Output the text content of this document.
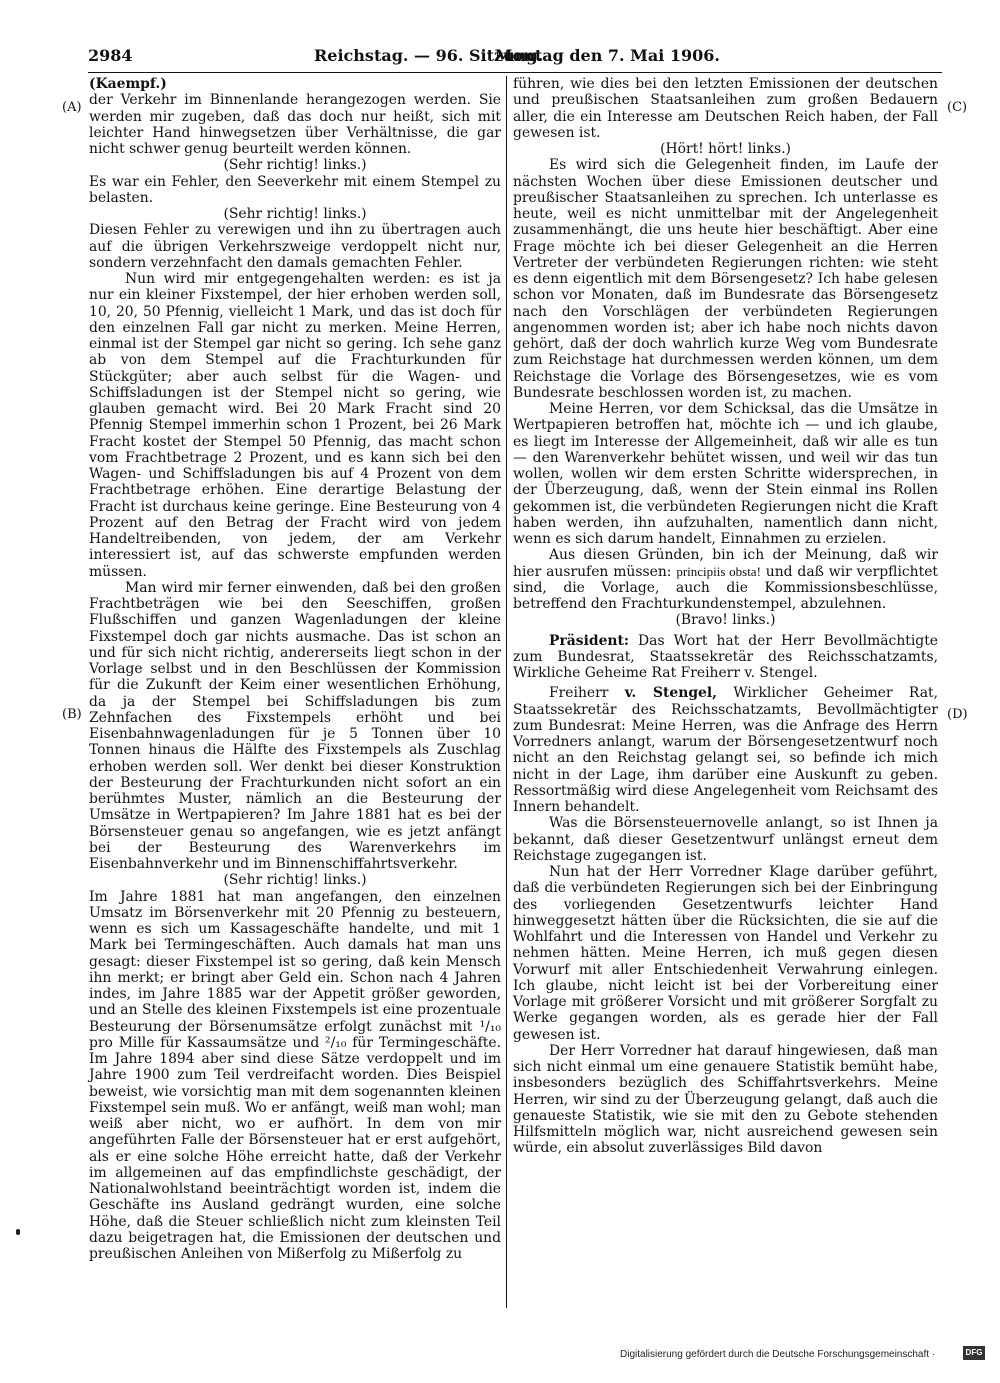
2984	Reichstag. — 96. Sitzung.
Montag den 7. Mai 1906.
(A)
(B)
(C)
(D)

(Kaempf.)

der Verkehr im Binnenlande herangezogen werden. Sie werden mir zugeben, daß das doch nur heißt, sich mit leichter Hand hinwegsetzen über Verhältnisse, die gar nicht schwer genug beurteilt werden können.

(Sehr richtig! links.)

Es war ein Fehler, den Seeverkehr mit einem Stempel zu belasten.

(Sehr richtig! links.)

Diesen Fehler zu verewigen und ihn zu übertragen auch auf die übrigen Verkehrszweige verdoppelt nicht nur, sondern verzehnfacht den damals gemachten Fehler.

Nun wird mir entgegengehalten werden: es ist ja nur ein kleiner Fixstempel, der hier erhoben werden soll, 10, 20, 50 Pfennig, vielleicht 1 Mark, und das ist doch für den einzelnen Fall gar nicht zu merken. Meine Herren, einmal ist der Stempel gar nicht so gering. Ich sehe ganz ab von dem Stempel auf die Frachturkunden für Stückgüter; aber auch selbst für die Wagen- und Schiffsladungen ist der Stempel nicht so gering, wie glauben gemacht wird. Bei 20 Mark Fracht sind 20 Pfennig Stempel immerhin schon 1 Prozent, bei 26 Mark Fracht kostet der Stempel 50 Pfennig, das macht schon vom Frachtbetrage 2 Prozent, und es kann sich bei den Wagen- und Schiffsladungen bis auf 4 Prozent von dem Frachtbetrage erhöhen. Eine derartige Belastung der Fracht ist durchaus keine geringe. Eine Besteurung von 4 Prozent auf den Betrag der Fracht wird von jedem Handeltreibenden, von jedem, der am Verkehr interessiert ist, auf das schwerste empfunden werden müssen.

Man wird mir ferner einwenden, daß bei den großen Frachtbeträgen wie bei den Seeschiffen, großen Flußschiffen und ganzen Wagenladungen der kleine Fixstempel doch gar nichts ausmache. Das ist schon an und für sich nicht richtig, andererseits liegt schon in der Vorlage selbst und in den Beschlüssen der Kommission für die Zukunft der Keim einer wesentlichen Erhöhung, da ja der Stempel bei Schiffsladungen bis zum Zehnfachen des Fixstempels erhöht und bei Eisenbahnwagenladungen für je 5 Tonnen über 10 Tonnen hinaus die Hälfte des Fixstempels als Zuschlag erhoben werden soll. Wer denkt bei dieser Konstruktion der Besteurung der Frachturkunden nicht sofort an ein berühmtes Muster, nämlich an die Besteurung der Umsätze in Wertpapieren? Im Jahre 1881 hat es bei der Börsensteuer genau so angefangen, wie es jetzt anfängt bei der Besteurung des Warenverkehrs im Eisenbahnverkehr und im Binnenschiffahrtsverkehr.

(Sehr richtig! links.)

Im Jahre 1881 hat man angefangen, den einzelnen Umsatz im Börsenverkehr mit 20 Pfennig zu besteuern, wenn es sich um Kassageschäfte handelte, und mit 1 Mark bei Termingeschäften. Auch damals hat man uns gesagt: dieser Fixstempel ist so gering, daß kein Mensch ihn merkt; er bringt aber Geld ein. Schon nach 4 Jahren indes, im Jahre 1885 war der Appetit größer geworden, und an Stelle des kleinen Fixstempels ist eine prozentuale Besteurung der Börsenumsätze erfolgt zunächst mit ¹/₁₀ pro Mille für Kassaumsätze und ²/₁₀ für Termingeschäfte. Im Jahre 1894 aber sind diese Sätze verdoppelt und im Jahre 1900 zum Teil verdreifacht worden. Dies Beispiel beweist, wie vorsichtig man mit dem sogenannten kleinen Fixstempel sein muß. Wo er anfängt, weiß man wohl; man weiß aber nicht, wo er aufhört. In dem von mir angeführten Falle der Börsensteuer hat er erst aufgehört, als er eine solche Höhe erreicht hatte, daß der Verkehr im allgemeinen auf das empfindlichste geschädigt, der Nationalwohlstand beeinträchtigt worden ist, indem die Geschäfte ins Ausland gedrängt wurden, eine solche Höhe, daß die Steuer schließlich nicht zum kleinsten Teil dazu beigetragen hat, die Emissionen der deutschen und preußischen Anleihen von Mißerfolg zu Mißerfolg zu

führen, wie dies bei den letzten Emissionen der deutschen und preußischen Staatsanleihen zum großen Bedauern aller, die ein Interesse am Deutschen Reich haben, der Fall gewesen ist.

(Hört! hört! links.)

Es wird sich die Gelegenheit finden, im Laufe der nächsten Wochen über diese Emissionen deutscher und preußischer Staatsanleihen zu sprechen. Ich unterlasse es heute, weil es nicht unmittelbar mit der Angelegenheit zusammenhängt, die uns heute hier beschäftigt. Aber eine Frage möchte ich bei dieser Gelegenheit an die Herren Vertreter der verbündeten Regierungen richten: wie steht es denn eigentlich mit dem Börsengesetz? Ich habe gelesen schon vor Monaten, daß im Bundesrate das Börsengesetz nach den Vorschlägen der verbündeten Regierungen angenommen worden ist; aber ich habe noch nichts davon gehört, daß der doch wahrlich kurze Weg vom Bundesrate zum Reichstage hat durchmessen werden können, um dem Reichstage die Vorlage des Börsengesetzes, wie es vom Bundesrate beschlossen worden ist, zu machen.

Meine Herren, vor dem Schicksal, das die Umsätze in Wertpapieren betroffen hat, möchte ich — und ich glaube, es liegt im Interesse der Allgemeinheit, daß wir alle es tun — den Warenverkehr behütet wissen, und weil wir das tun wollen, wollen wir dem ersten Schritte widersprechen, in der Überzeugung, daß, wenn der Stein einmal ins Rollen gekommen ist, die verbündeten Regierungen nicht die Kraft haben werden, ihn aufzuhalten, namentlich dann nicht, wenn es sich darum handelt, Einnahmen zu erzielen.

Aus diesen Gründen, bin ich der Meinung, daß wir hier ausrufen müssen: principiis obsta! und daß wir verpflichtet sind, die Vorlage, auch die Kommissionsbeschlüsse, betreffend den Frachturkundenstempel, abzulehnen.

(Bravo! links.)

Präsident: Das Wort hat der Herr Bevollmächtigte zum Bundesrat, Staatssekretär des Reichsschatzamts, Wirkliche Geheime Rat Freiherr v. Stengel.

Freiherr v. Stengel, Wirklicher Geheimer Rat, Staatssekretär des Reichsschatzamts, Bevollmächtigter zum Bundesrat: Meine Herren, was die Anfrage des Herrn Vorredners anlangt, warum der Börsengesetzentwurf noch nicht an den Reichstag gelangt sei, so befinde ich mich nicht in der Lage, ihm darüber eine Auskunft zu geben. Ressortmäßig wird diese Angelegenheit vom Reichsamt des Innern behandelt.

Was die Börsensteuernovelle anlangt, so ist Ihnen ja bekannt, daß dieser Gesetzentwurf unlängst erneut dem Reichstage zugegangen ist.

Nun hat der Herr Vorredner Klage darüber geführt, daß die verbündeten Regierungen sich bei der Einbringung des vorliegenden Gesetzentwurfs leichter Hand hinweggesetzt hätten über die Rücksichten, die sie auf die Wohlfahrt und die Interessen von Handel und Verkehr zu nehmen hätten. Meine Herren, ich muß gegen diesen Vorwurf mit aller Entschiedenheit Verwahrung einlegen. Ich glaube, nicht leicht ist bei der Vorbereitung einer Vorlage mit größerer Vorsicht und mit größerer Sorgfalt zu Werke gegangen worden, als es gerade hier der Fall gewesen ist.

Der Herr Vorredner hat darauf hingewiesen, daß man sich nicht einmal um eine genauere Statistik bemüht habe, insbesonders bezüglich des Schiffahrtsverkehrs. Meine Herren, wir sind zu der Überzeugung gelangt, daß auch die genaueste Statistik, wie sie mit den zu Gebote stehenden Hilfsmitteln möglich war, nicht ausreichend gewesen sein würde, ein absolut zuverlässiges Bild davon

Digitalisierung gefördert durch die Deutsche Forschungsgemeinschaft ·	DFG
